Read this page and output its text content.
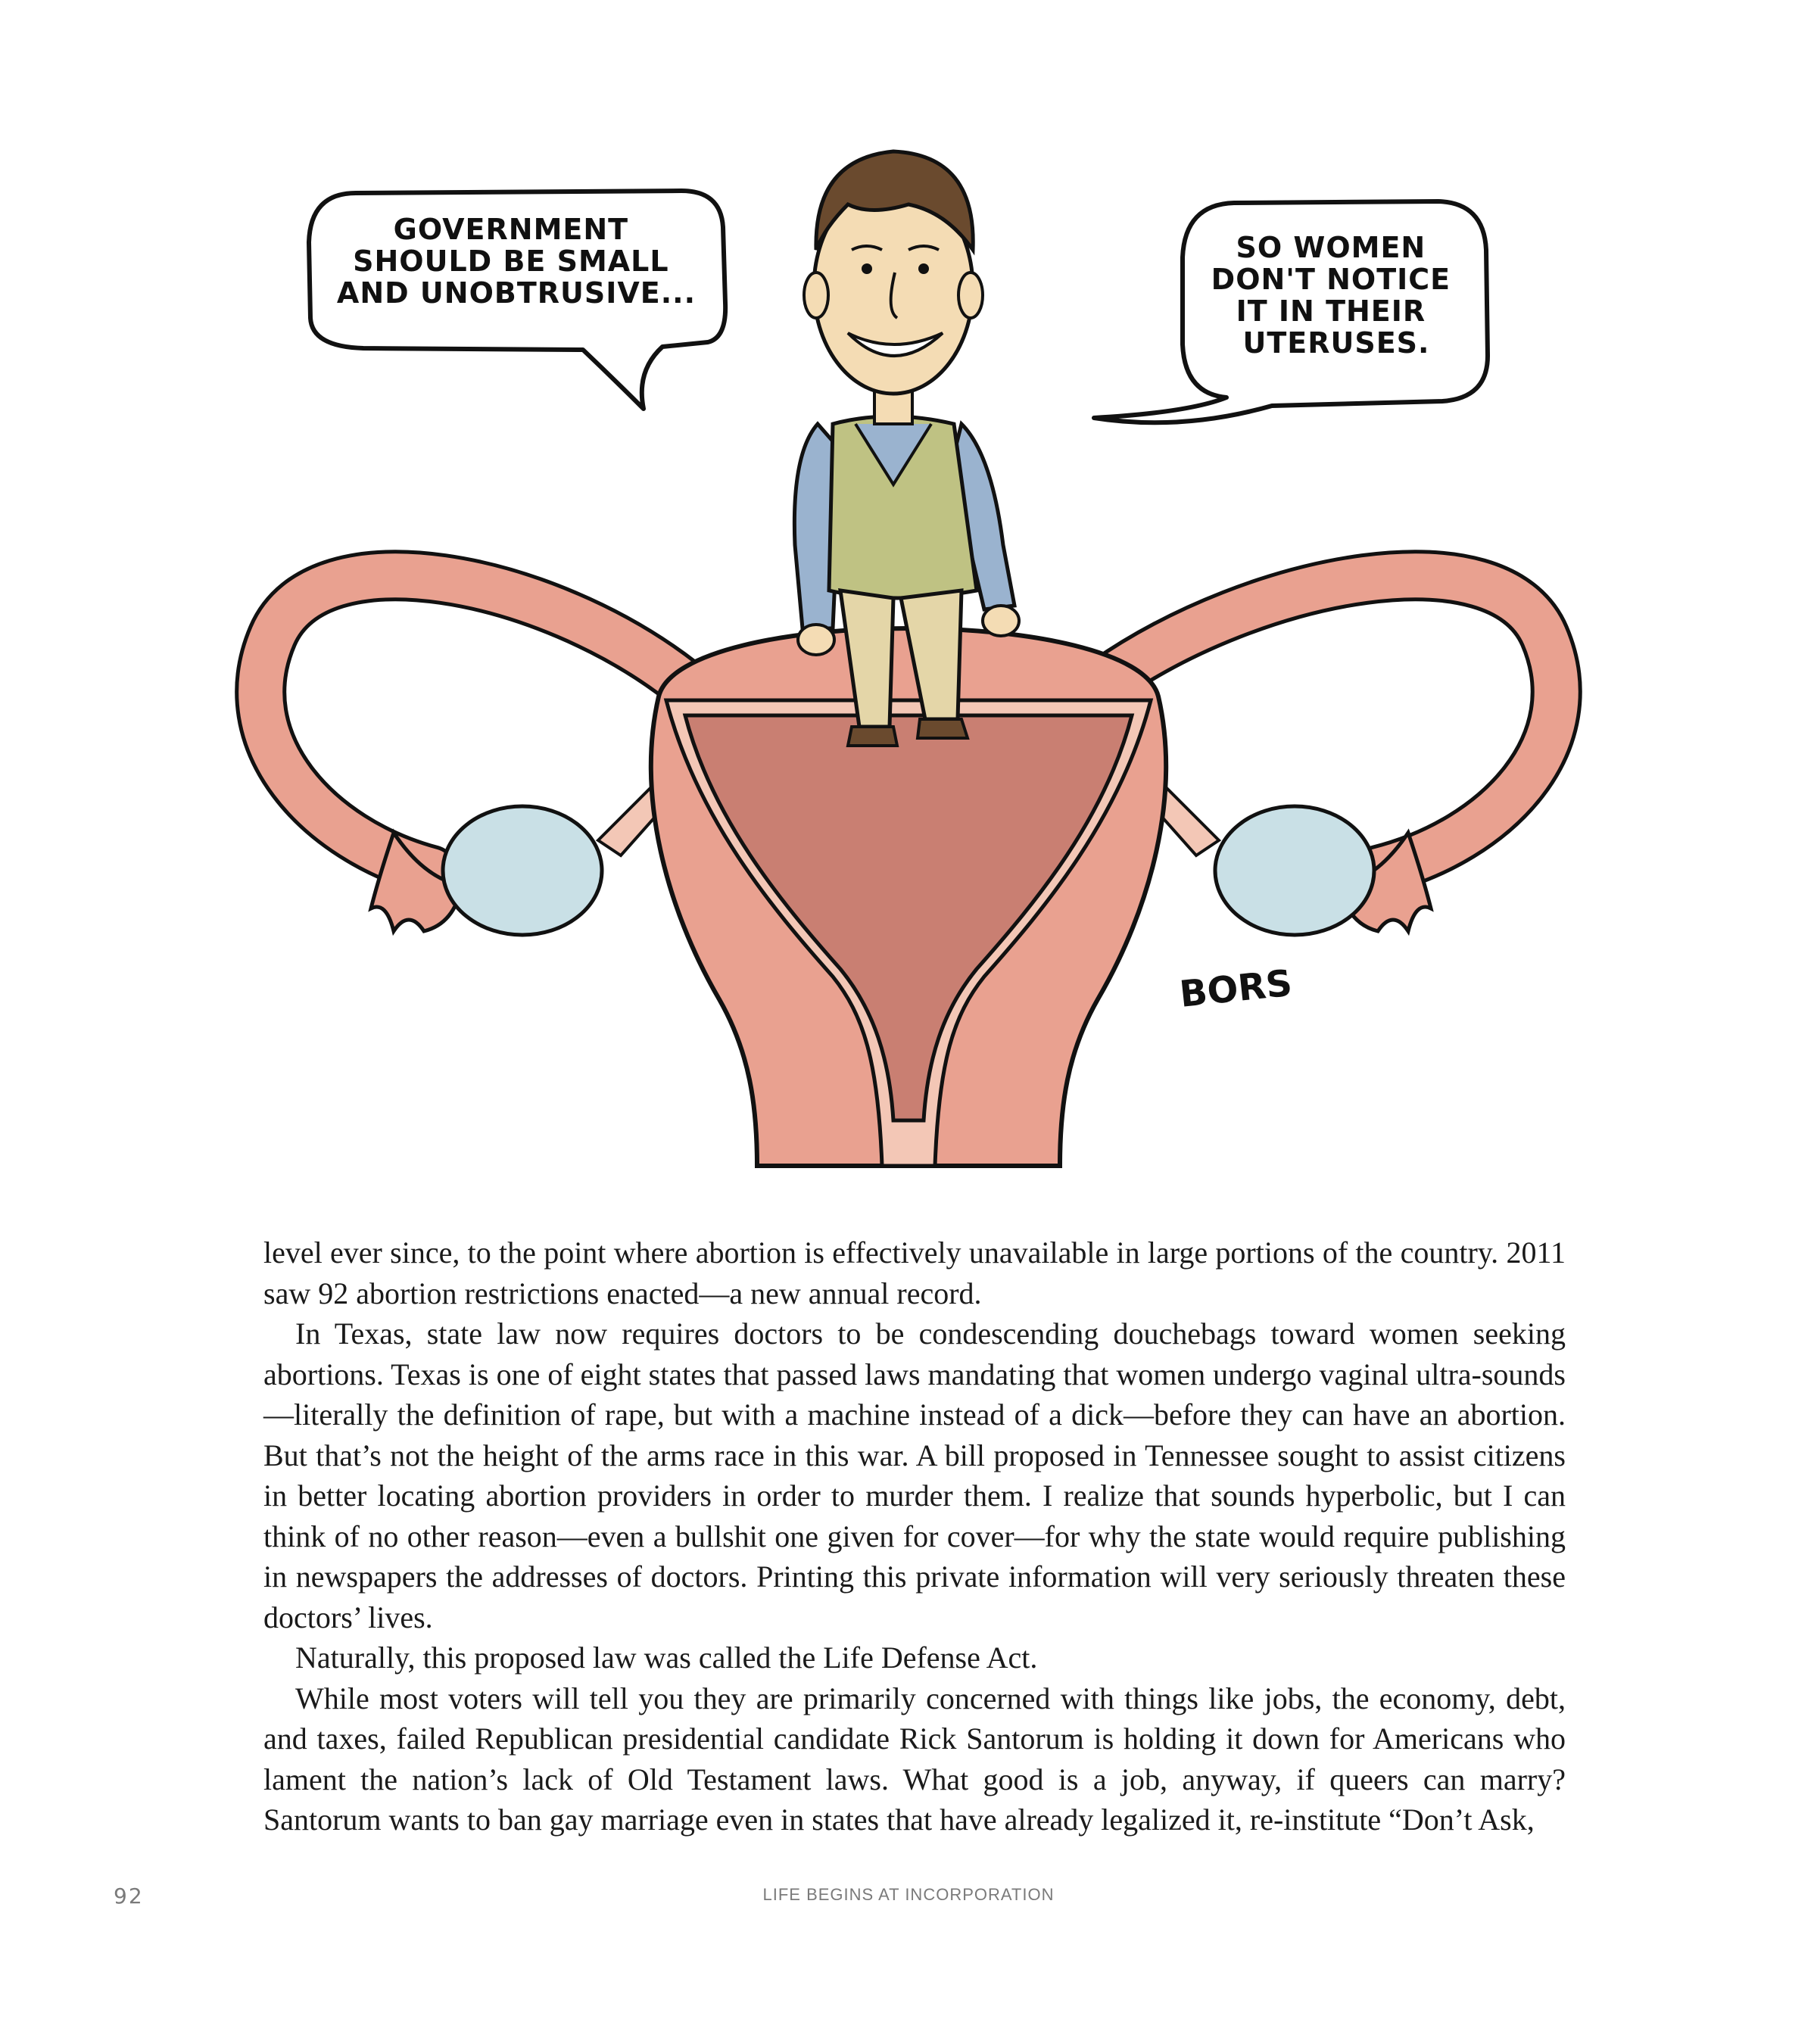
GOVERNMENT SHOULD BE SMALL AND UNOBTRUSIVE...
SO WOMEN DON'T NOTICE IT IN THEIR UTERUSES.
BORS

level ever since, to the point where abortion is effectively unavailable in large portions of the country. 2011 saw 92 abortion restrictions enacted—a new annual record.

In Texas, state law now requires doctors to be condescending douchebags toward women seeking abortions. Texas is one of eight states that passed laws mandating that women undergo vaginal ultra-sounds—literally the definition of rape, but with a machine instead of a dick—before they can have an abortion. But that’s not the height of the arms race in this war. A bill proposed in Tennessee sought to assist citizens in better locating abortion providers in order to murder them. I realize that sounds hyperbolic, but I can think of no other reason—even a bullshit one given for cover—for why the state would require publishing in newspapers the addresses of doctors. Printing this private information will very seriously threaten these doctors’ lives.

Naturally, this proposed law was called the Life Defense Act.

While most voters will tell you they are primarily concerned with things like jobs, the economy, debt, and taxes, failed Republican presidential candidate Rick Santorum is holding it down for Americans who lament the nation’s lack of Old Testament laws. What good is a job, anyway, if queers can marry? Santorum wants to ban gay marriage even in states that have already legalized it, re-institute “Don’t Ask,

92	LIFE BEGINS AT INCORPORATION
